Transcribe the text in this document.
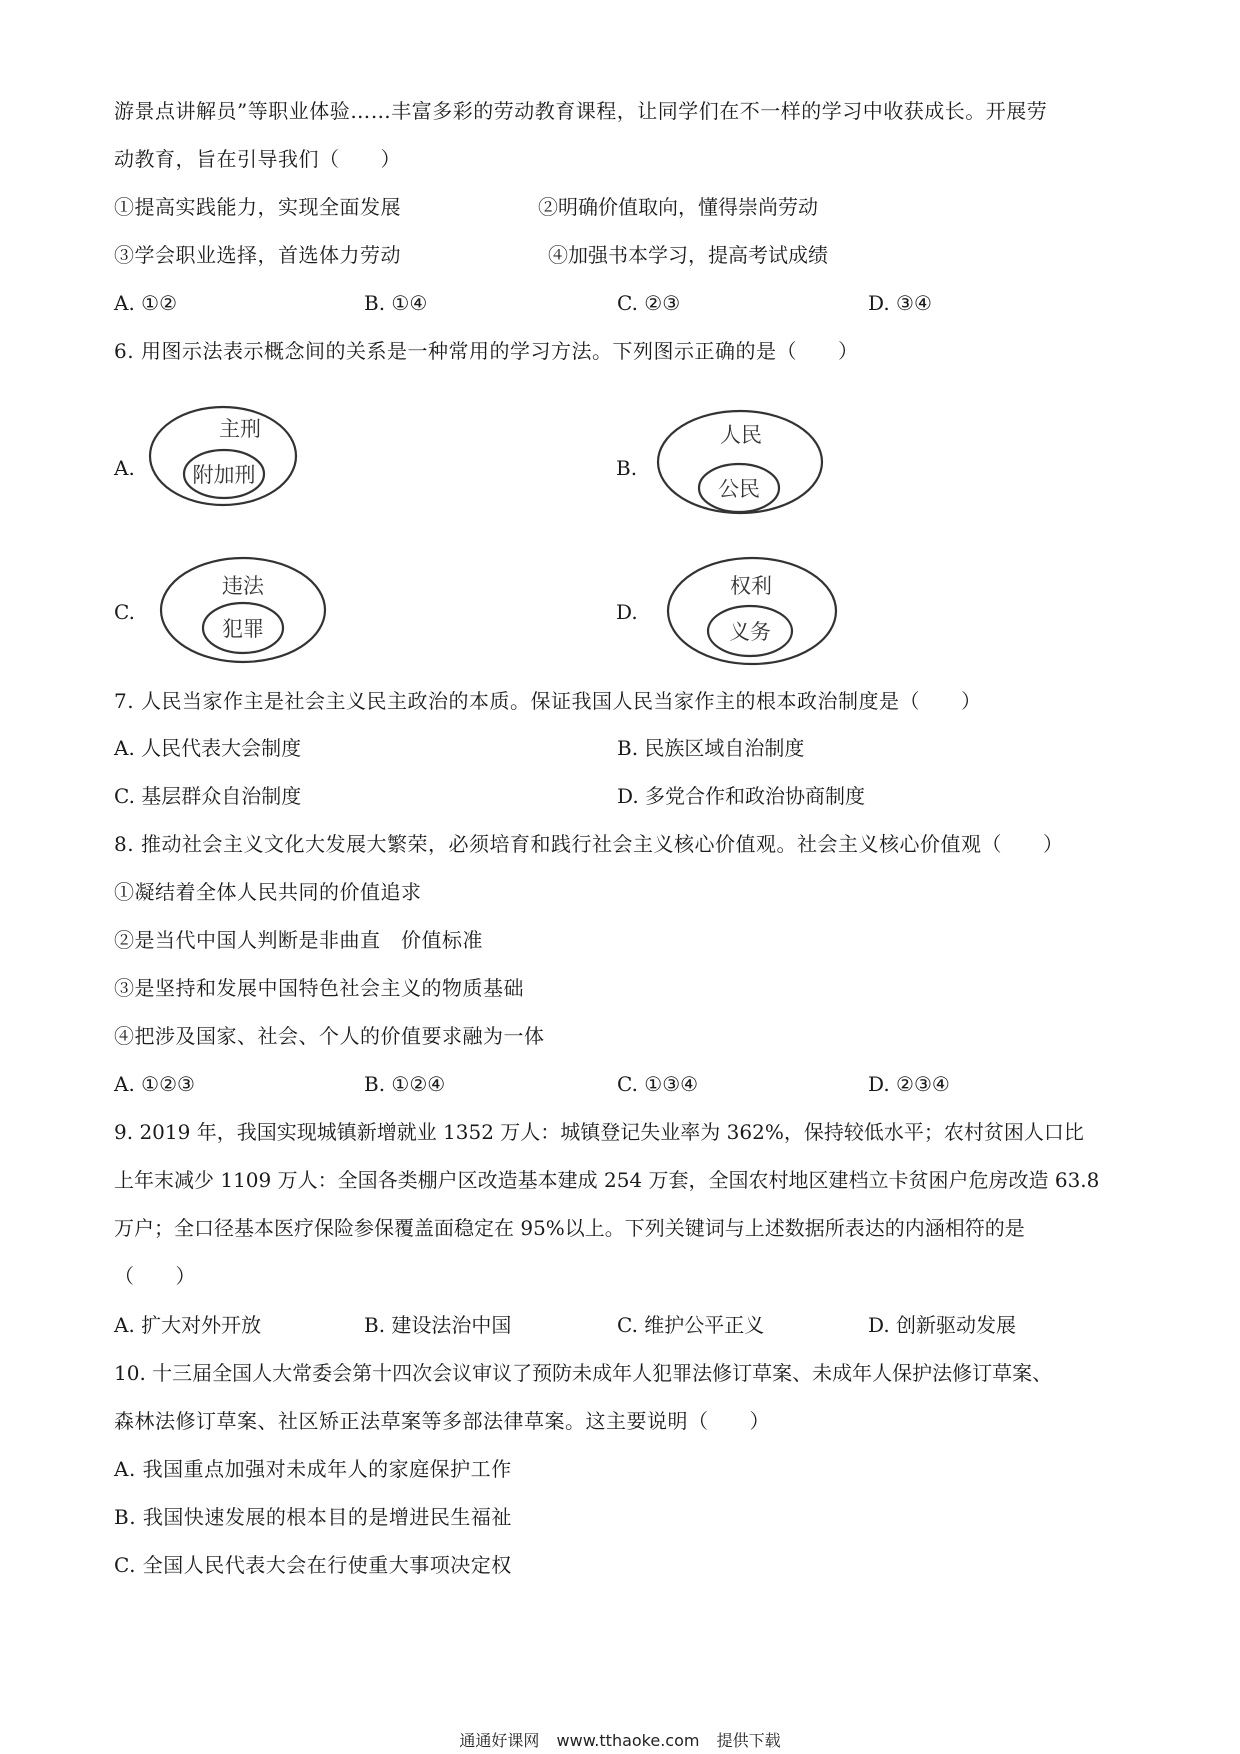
游景点讲解员”等职业体验……丰富多彩的劳动教育课程，让同学们在不一样的学习中收获成长。开展劳
动教育，旨在引导我们（　　）
①提高实践能力，实现全面发展	②明确价值取向，懂得崇尚劳动
③学会职业选择，首选体力劳动	④加强书本学习，提高考试成绩
A. ①②	B. ①④	C. ②③	D. ③④
6. 用图示法表示概念间的关系是一种常用的学习方法。下列图示正确的是（　　）
A.
主刑
附加刑	B.
人民
公民
C.
违法
犯罪
D.
权利
义务
7. 人民当家作主是社会主义民主政治的本质。保证我国人民当家作主的根本政治制度是（　　）
A. 人民代表大会制度	B. 民族区域自治制度
C. 基层群众自治制度	D. 多党合作和政治协商制度
8. 推动社会主义文化大发展大繁荣，必须培育和践行社会主义核心价值观。社会主义核心价值观（　　）
①凝结着全体人民共同的价值追求
②是当代中国人判断是非曲直　价值标准
③是坚持和发展中国特色社会主义的物质基础
④把涉及国家、社会、个人的价值要求融为一体
A. ①②③	B. ①②④	C. ①③④	D. ②③④
9. 2019 年，我国实现城镇新增就业 1352 万人：城镇登记失业率为 362%，保持较低水平；农村贫困人口比
上年末减少 1109 万人：全国各类棚户区改造基本建成 254 万套，全国农村地区建档立卡贫困户危房改造 63.8
万户；全口径基本医疗保险参保覆盖面稳定在 95%以上。下列关键词与上述数据所表达的内涵相符的是
（　　）
A. 扩大对外开放	B. 建设法治中国	C. 维护公平正义	D. 创新驱动发展
10. 十三届全国人大常委会第十四次会议审议了预防未成年人犯罪法修订草案、未成年人保护法修订草案、
森林法修订草案、社区矫正法草案等多部法律草案。这主要说明（　　）
A. 我国重点加强对未成年人的家庭保护工作
B. 我国快速发展的根本目的是增进民生福祉
C. 全国人民代表大会在行使重大事项决定权
通通好课网 www.tthaoke.com 提供下载
